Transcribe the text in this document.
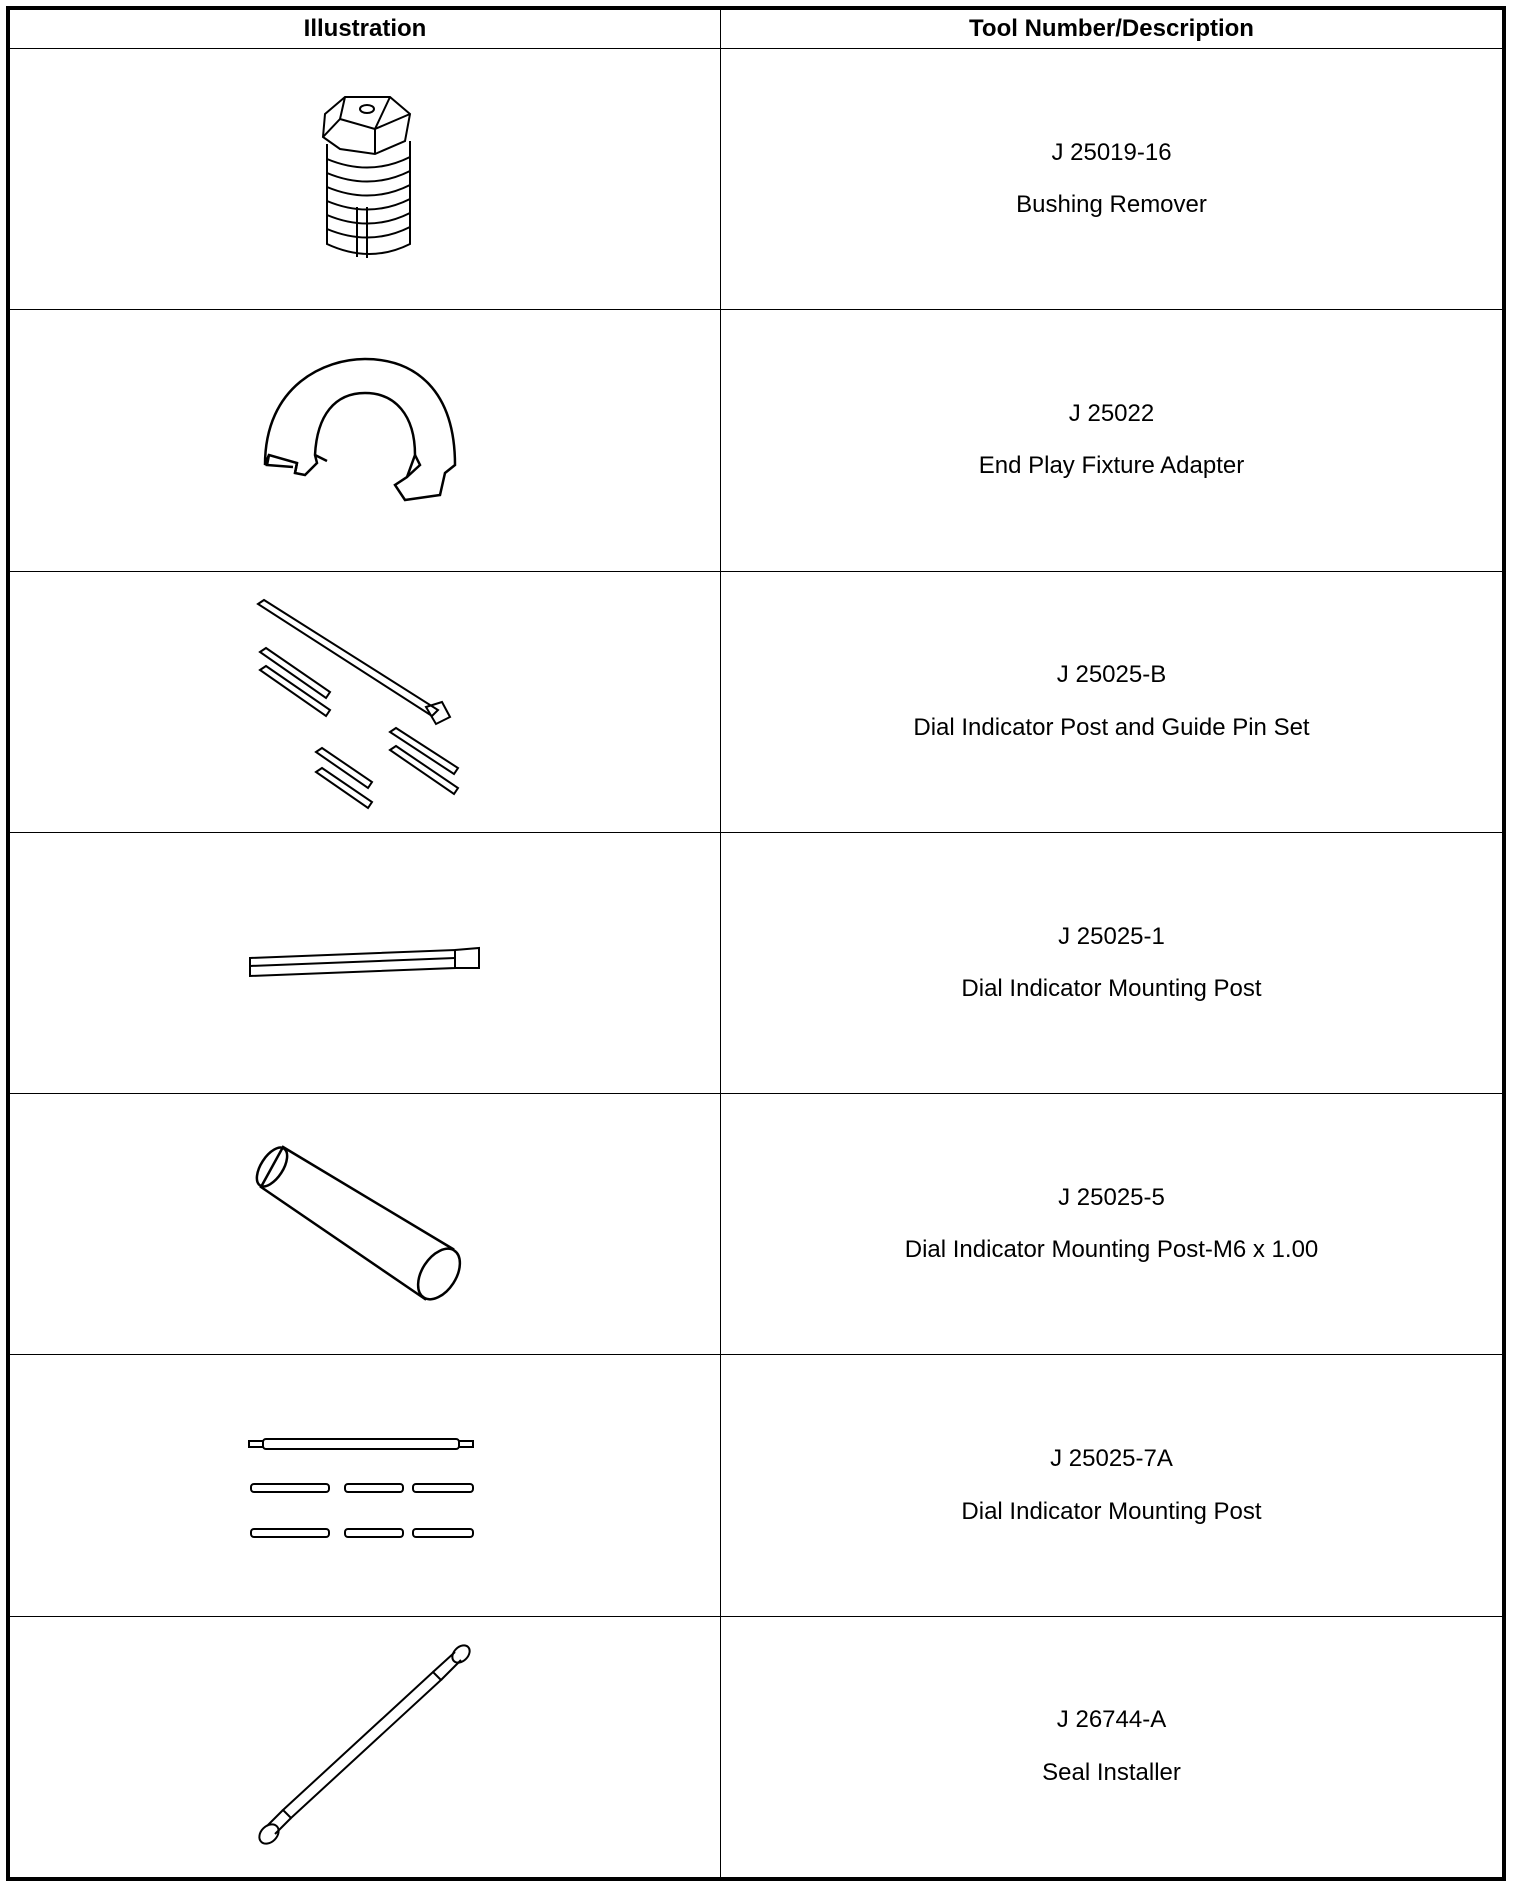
Illustration	Tool Number/Description

J 25019-16
Bushing Remover

J 25022
End Play Fixture Adapter

J 25025-B
Dial Indicator Post and Guide Pin Set

J 25025-1
Dial Indicator Mounting Post

J 25025-5
Dial Indicator Mounting Post-M6 x 1.00

J 25025-7A
Dial Indicator Mounting Post

J 26744-A
Seal Installer
